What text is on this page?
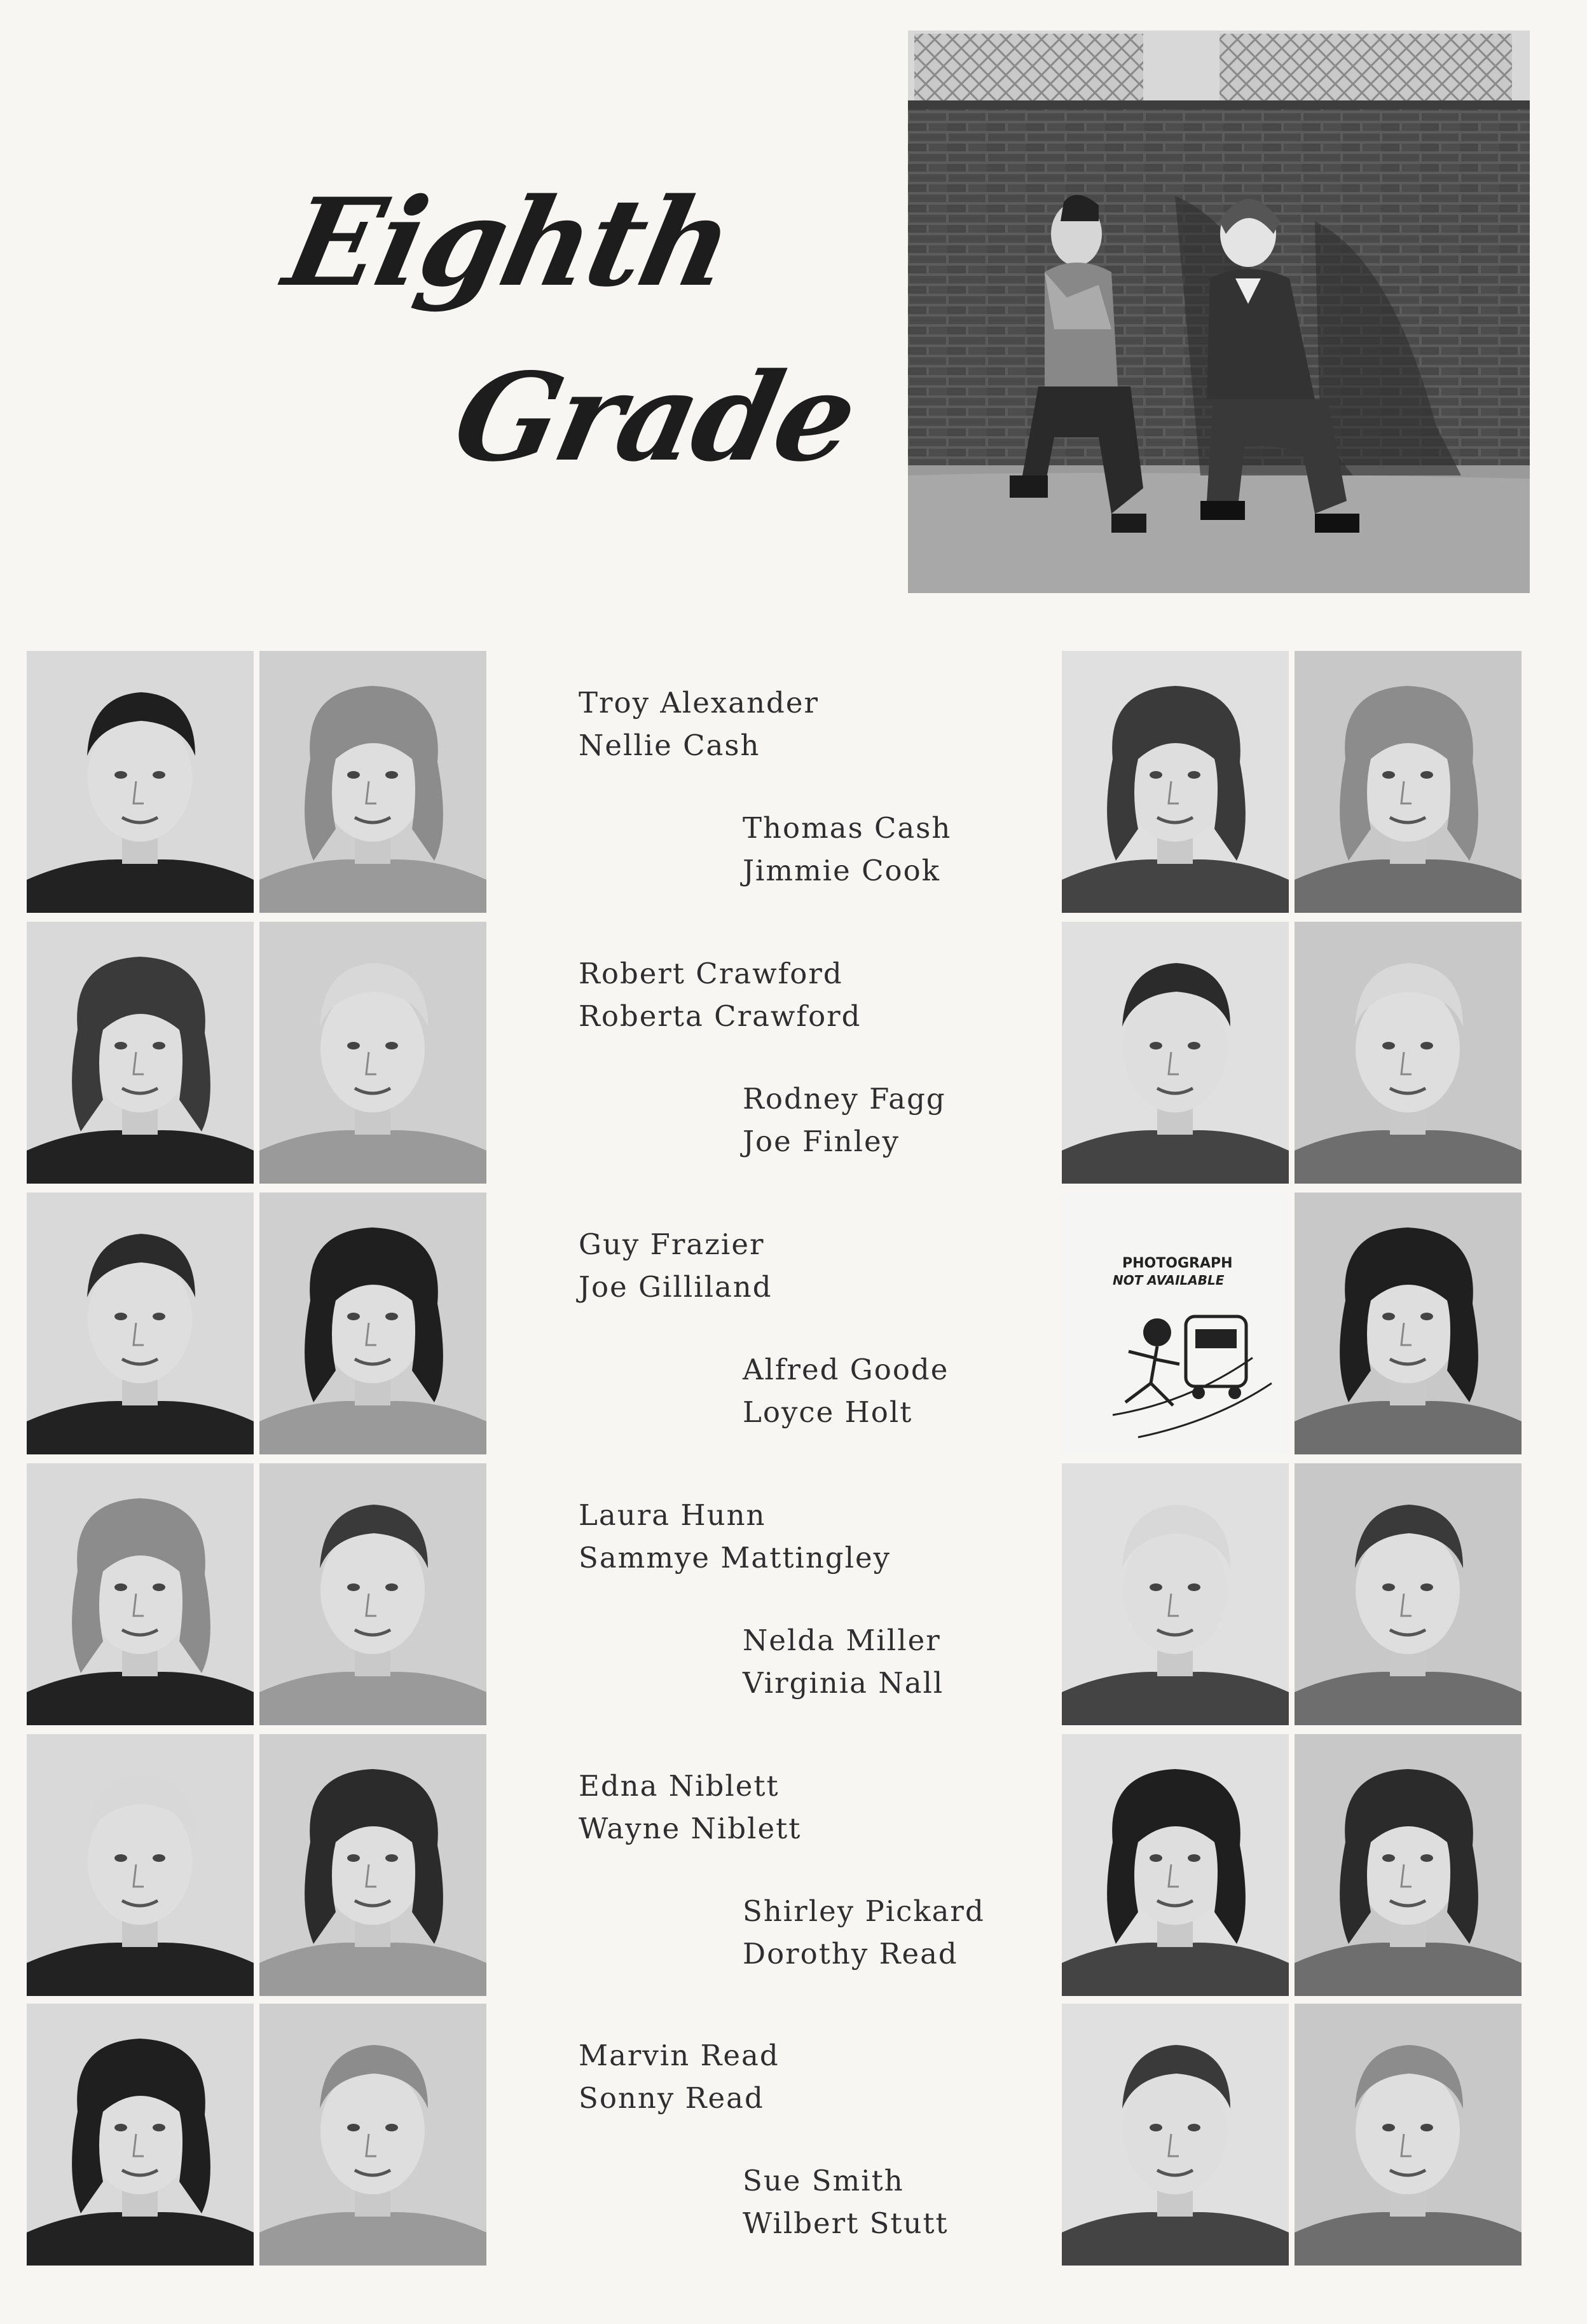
Eighth
Grade
Troy Alexander
Nellie Cash
Thomas Cash
Jimmie Cook
Robert Crawford
Roberta Crawford
Rodney Fagg
Joe Finley
PHOTOGRAPH
NOT AVAILABLE
Guy Frazier
Joe Gilliland
Alfred Goode
Loyce Holt
Laura Hunn
Sammye Mattingley
Nelda Miller
Virginia Nall
Edna Niblett
Wayne Niblett
Shirley Pickard
Dorothy Read
Marvin Read
Sonny Read
Sue Smith
Wilbert Stutt
